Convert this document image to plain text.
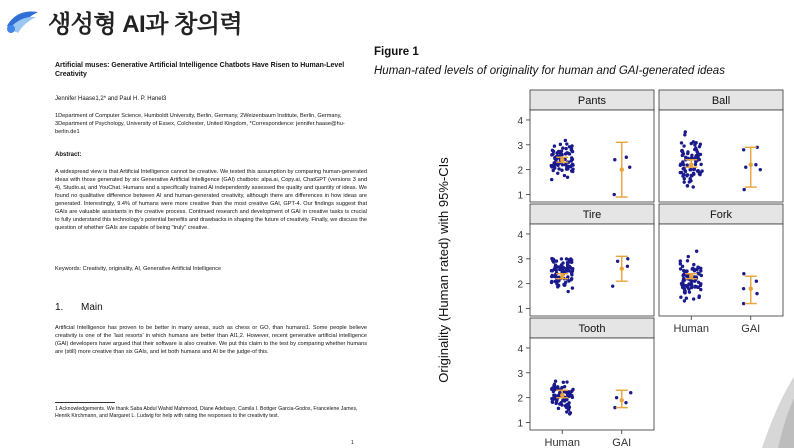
생성형 AI과 창의력
Artificial muses: Generative Artificial Intelligence Chatbots Have Risen to Human-Level Creativity
Jennifer Haase1,2* and Paul H. P. Hanel3
1Department of Computer Science, Humboldt University, Berlin, Germany, 2Weizenbaum Institute, Berlin, Germany, 3Department of Psychology, University of Essex, Colchester, United Kingdom, *Correspondence: jennifer.haase@hu-berlin.de1
Abstract:
A widespread view is that Artificial Intelligence cannot be creative. We tested this assumption by comparing human-generated ideas with those generated by six Generative Artificial Intelligence (GAI) chatbots: alpa.ai, Copy.ai, ChatGPT (versions 3 and 4), Studio.ai, and YouChat. Humans and a specifically trained AI independently assessed the quality and quantity of ideas. We found no qualitative difference between AI and human-generated creativity, although there are differences in how ideas are generated. Interestingly, 9.4% of humans were more creative than the most creative GAI, GPT-4. Our findings suggest that GAIs are valuable assistants in the creative process. Continued research and development of GAI in creative tasks is crucial to fully understand this technology's potential benefits and drawbacks in shaping the future of creativity. Finally, we discuss the question of whether GAIs are capable of being "truly" creative.
Keywords: Creativity, originality, AI, Generative Artificial Intelligence
1. Main
Artificial Intelligence has proven to be better in many areas, such as chess or GO, than humans1. Some people believe creativity is one of the 'last resorts' in which humans are better than AI1,2. However, recent generative artificial intelligence (GAI) developers have argued that their software is also creative. We put this claim to the test by comparing whether humans are (still) more creative than six GAIs, and let both humans and AI be the judge-of this.
1 Acknowledgements. We thank Saba Abdul Wahid Mahmood, Diane Adebayo, Camila I. Bottger Garcia-Godos, Francelene James, Henrik Kirchmann, and Margaret L. Ludwig for help with rating the responses to the creativity test.
1
Figure 1
Human-rated levels of originality for human and GAI-generated ideas
Originality (Human rated) with 95%-CIs
Pants
1
2
3
4
Ball
Tire
1
2
3
4
Fork
Human	GAI
Tooth
1
2
3
4
Human	GAI
